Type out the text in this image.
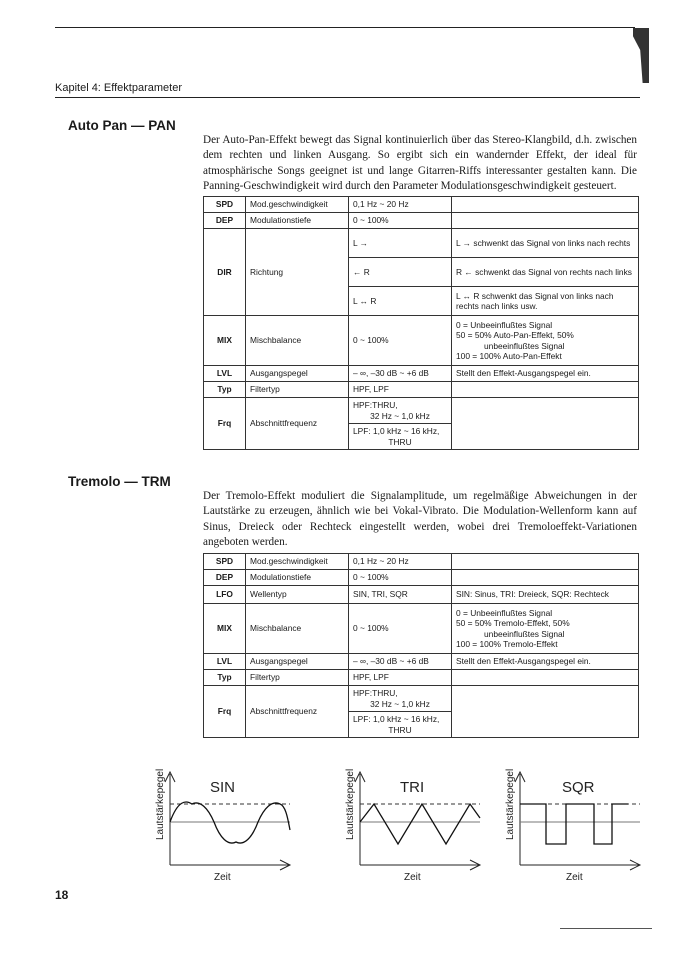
Kapitel 4: Effektparameter
Auto Pan — PAN
Der Auto-Pan-Effekt bewegt das Signal kontinuierlich über das Stereo-Klangbild, d.h. zwischen dem rechten und linken Ausgang. So ergibt sich ein wandernder Effekt, der ideal für atmosphärische Songs geeignet ist und lange Gitarren-Riffs interessanter gestalten kann. Die Panning-Geschwindigkeit wird durch den Parameter Modulationsgeschwindigkeit gesteuert.
SPD	Mod.geschwindigkeit	0,1 Hz ~ 20 Hz	
DEP	Modulationstiefe	0 ~ 100%	
DIR	Richtung	L →	L → schwenkt das Signal von links nach rechts
		← R	R ← schwenkt das Signal von rechts nach links
		L ↔ R	L ↔ R schwenkt das Signal von links nach rechts nach links usw.
MIX	Mischbalance	0 ~ 100%	0 = Unbeeinflußtes Signal
50 = 50% Auto-Pan-Effekt, 50%
unbeeinflußtes Signal
100 = 100% Auto-Pan-Effekt

LVL	Ausgangspegel	– ∞, –30 dB ~ +6 dB	Stellt den Effekt-Ausgangspegel ein.
Typ	Filtertyp	HPF, LPF	
Frq	Abschnittfrequenz	HPF:THRU,
32 Hz ~ 1,0 kHz	

		LPF: 1,0 kHz ~ 16 kHz,
THRU	
Tremolo — TRM
Der Tremolo-Effekt moduliert die Signalamplitude, um regelmäßige Abweichungen in der Lautstärke zu erzeugen, ähnlich wie bei Vokal-Vibrato. Die Modulation-Wellenform kann auf Sinus, Dreieck oder Rechteck eingestellt werden, wobei drei Tremoloeffekt-Variationen angeboten werden.
SPD	Mod.geschwindigkeit	0,1 Hz ~ 20 Hz	
DEP	Modulationstiefe	0 ~ 100%	
LFO	Wellentyp	SIN, TRI, SQR	SIN: Sinus, TRI: Dreieck, SQR: Rechteck
MIX	Mischbalance	0 ~ 100%	0 = Unbeeinflußtes Signal
50 = 50% Tremolo-Effekt, 50%
unbeeinflußtes Signal
100 = 100% Tremolo-Effekt

LVL	Ausgangspegel	– ∞, –30 dB ~ +6 dB	Stellt den Effekt-Ausgangspegel ein.
Typ	Filtertyp	HPF, LPF	
Frq	Abschnittfrequenz	HPF:THRU,
32 Hz ~ 1,0 kHz	

		LPF: 1,0 kHz ~ 16 kHz,
THRU	
Lautstärkepegel	SIN
Zeit
Lautstärkepegel	TRI
Zeit
Lautstärkepegel	SQR
Zeit
18
